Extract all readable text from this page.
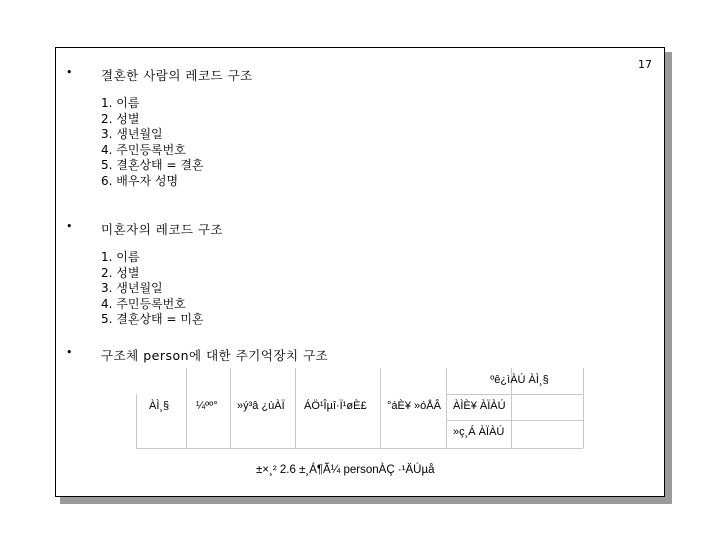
17
• 결혼한 사람의 레코드 구조
1. 이름
2. 성별
3. 생년월일
4. 주민등록번호
5. 결혼상태 = 결혼
6. 배우자 성명
• 미혼자의 레코드 구조
1. 이름
2. 성별
3. 생년월일
4. 주민등록번호
5. 결혼상태 = 미혼
• 구조체 person에 대한 주기억장치 구조
ºê¿ìÀÚ ÀÌ¸§
ÀÌ¸§ ¼ºº° »ý³â ¿ùÀÏ ÁÖ¹Îµî·Ï¹øÈ£ °áÈ¥ »óÅÂ ÀÌÈ¥ ÀÏÀÚ
»ç¸Á ÀÏÀÚ
±×¸² 2.6 ±¸Á¶Ã¼ personÀÇ ·¹ÄÚµå
